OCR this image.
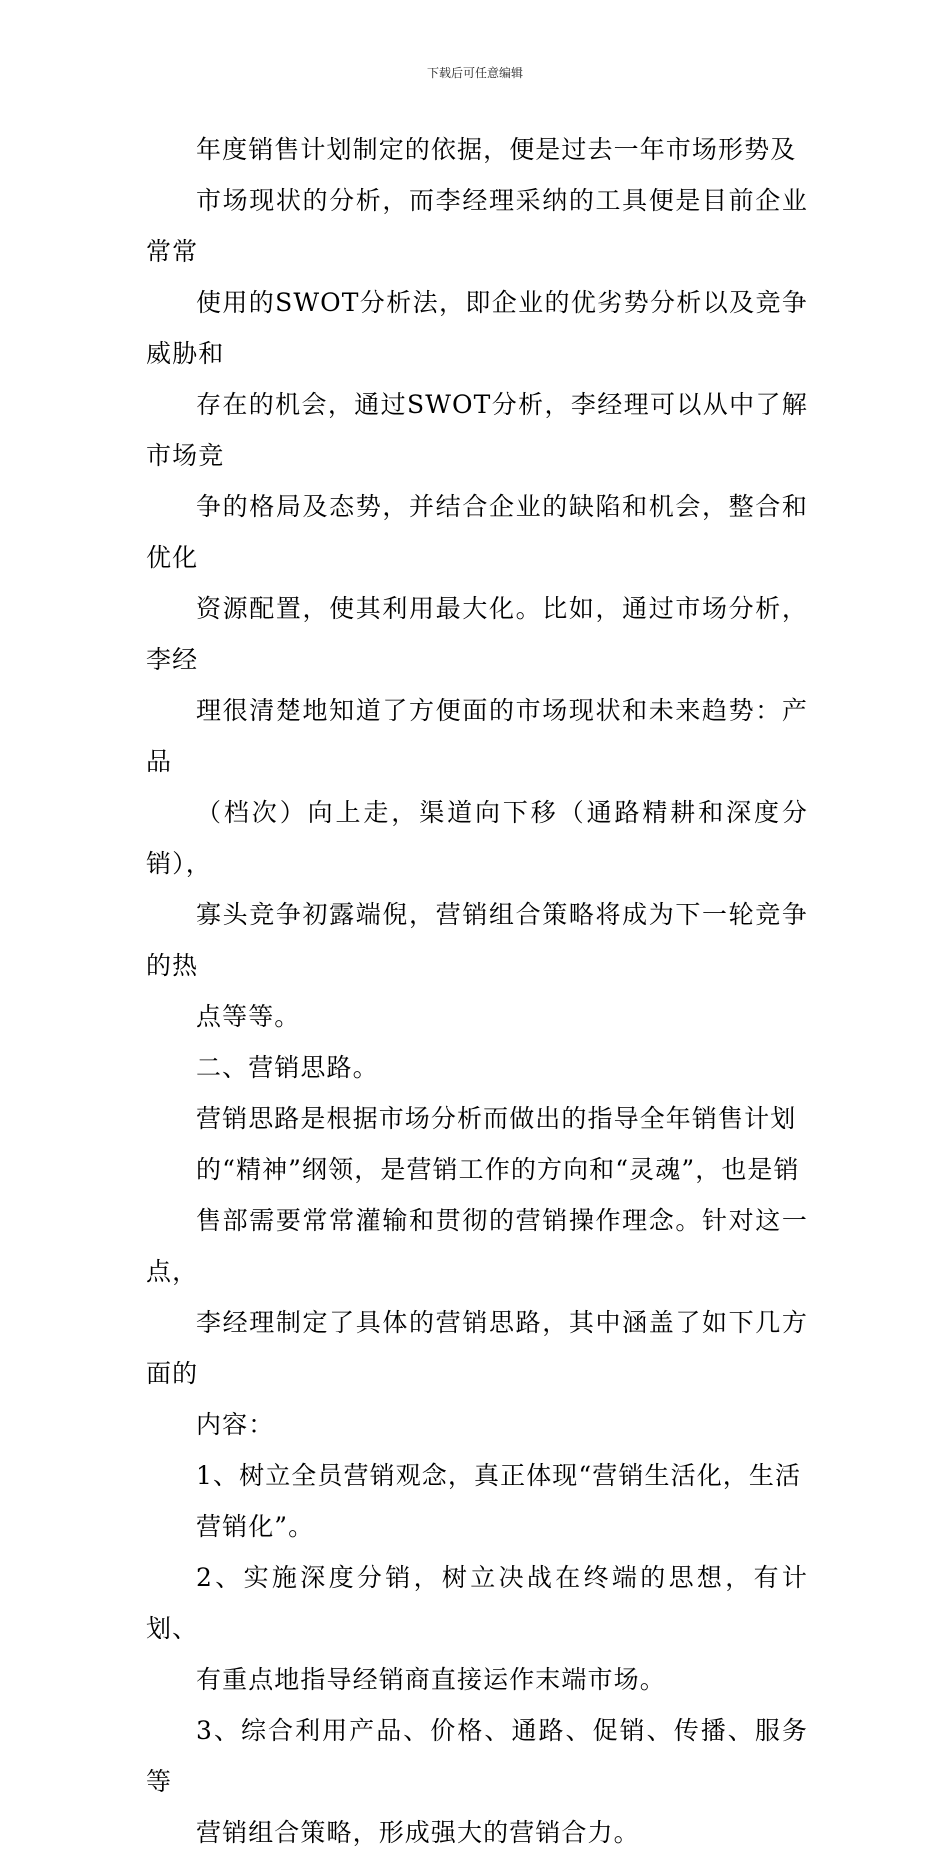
下载后可任意编辑

年度销售计划制定的依据，便是过去一年市场形势及
市场现状的分析，而李经理采纳的工具便是目前企业常常
使用的SWOT分析法，即企业的优劣势分析以及竞争威胁和
存在的机会，通过SWOT分析，李经理可以从中了解市场竞
争的格局及态势，并结合企业的缺陷和机会，整合和优化
资源配置，使其利用最大化。比如，通过市场分析，李经
理很清楚地知道了方便面的市场现状和未来趋势：产品
（档次）向上走，渠道向下移（通路精耕和深度分销），
寡头竞争初露端倪，营销组合策略将成为下一轮竞争的热
点等等。

二、营销思路。

营销思路是根据市场分析而做出的指导全年销售计划
的“精神”纲领，是营销工作的方向和“灵魂”，也是销
售部需要常常灌输和贯彻的营销操作理念。针对这一点，
李经理制定了具体的营销思路，其中涵盖了如下几方面的
内容：

1、树立全员营销观念，真正体现“营销生活化，生活
营销化”。

2、实施深度分销，树立决战在终端的思想，有计划、
有重点地指导经销商直接运作末端市场。

3、综合利用产品、价格、通路、促销、传播、服务等
营销组合策略，形成强大的营销合力。
